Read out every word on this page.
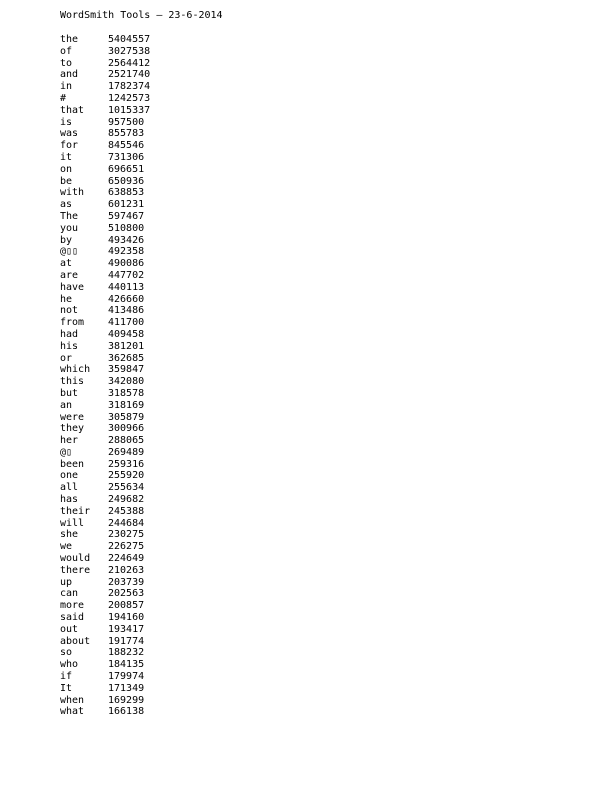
WordSmith Tools — 23-6-2014
the	5404557
of	3027538
to	2564412
and	2521740
in	1782374
#	1242573
that	1015337
is	957500
was	855783
for	845546
it	731306
on	696651
be	650936
with	638853
as	601231
The	597467
you	510800
by	493426
@▯▯	492358
at	490086
are	447702
have	440113
he	426660
not	413486
from	411700
had	409458
his	381201
or	362685
which	359847
this	342080
but	318578
an	318169
were	305879
they	300966
her	288065
@▯	269489
been	259316
one	255920
all	255634
has	249682
their	245388
will	244684
she	230275
we	226275
would	224649
there	210263
up	203739
can	202563
more	200857
said	194160
out	193417
about	191774
so	188232
who	184135
if	179974
It	171349
when	169299
what	166138
